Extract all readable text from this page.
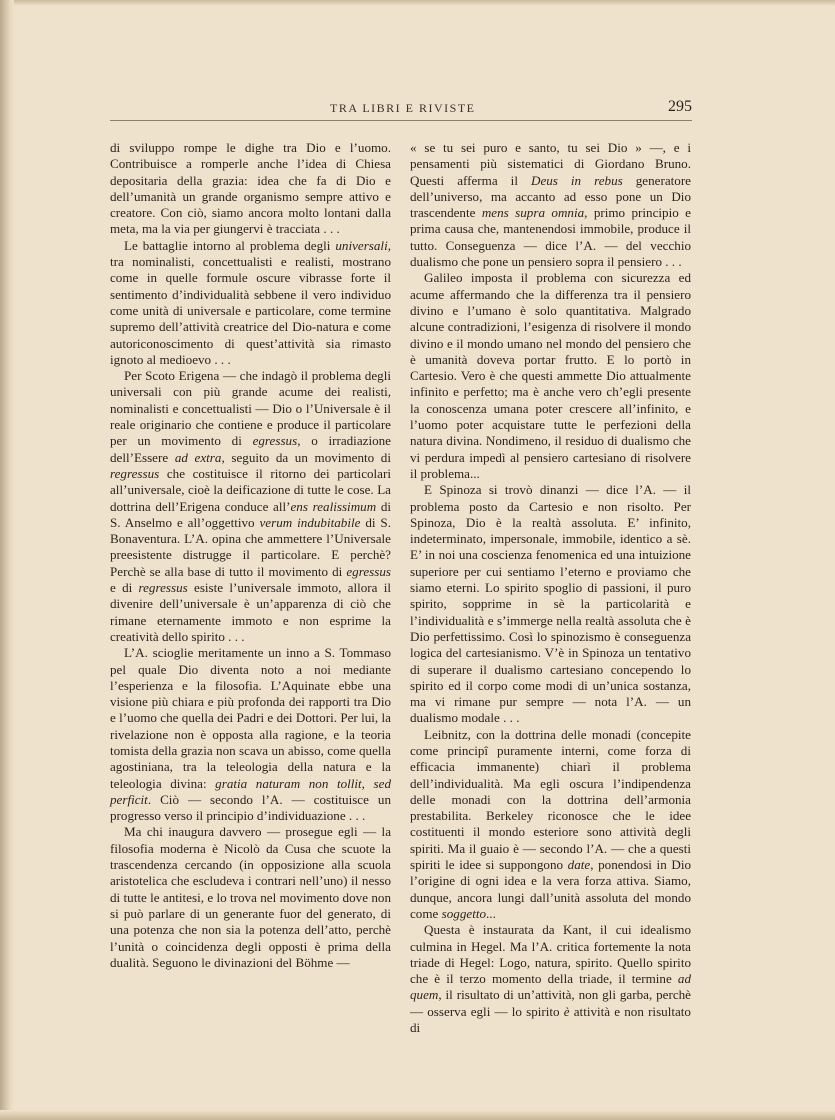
TRA LIBRI E RIVISTE	295

di sviluppo rompe le dighe tra Dio e l’uomo. Contribuisce a romperle anche l’idea di Chiesa depositaria della grazia: idea che fa di Dio e dell’umanità un grande organismo sempre attivo e creatore. Con ciò, siamo ancora molto lontani dalla meta, ma la via per giungervi è tracciata . . .

Le battaglie intorno al problema degli universali, tra nominalisti, concettualisti e realisti, mostrano come in quelle formule oscure vibrasse forte il sentimento d’individualità sebbene il vero individuo come unità di universale e particolare, come termine supremo dell’attività creatrice del Dio-natura e come autoriconoscimento di quest’attività sia rimasto ignoto al medioevo . . .

Per Scoto Erigena — che indagò il problema degli universali con più grande acume dei realisti, nominalisti e concettualisti — Dio o l’Universale è il reale originario che contiene e produce il particolare per un movimento di egressus, o irradiazione dell’Essere ad extra, seguito da un movimento di regressus che costituisce il ritorno dei particolari all’universale, cioè la deificazione di tutte le cose. La dottrina dell’Erigena conduce all’ens realissimum di S. Anselmo e all’oggettivo verum indubitabile di S. Bonaventura. L’A. opina che ammettere l’Universale preesistente distrugge il particolare. E perchè? Perchè se alla base di tutto il movimento di egressus e di regressus esiste l’universale immoto, allora il divenire dell’universale è un’apparenza di ciò che rimane eternamente immoto e non esprime la creatività dello spirito . . .

L’A. scioglie meritamente un inno a S. Tommaso pel quale Dio diventa noto a noi mediante l’esperienza e la filosofia. L’Aquinate ebbe una visione più chiara e più profonda dei rapporti tra Dio e l’uomo che quella dei Padri e dei Dottori. Per lui, la rivelazione non è opposta alla ragione, e la teoria tomista della grazia non scava un abisso, come quella agostiniana, tra la teleologia della natura e la teleologia divina: gratia naturam non tollit, sed perficit. Ciò — secondo l’A. — costituisce un progresso verso il principio d’individuazione . . .

Ma chi inaugura davvero — prosegue egli — la filosofia moderna è Nicolò da Cusa che scuote la trascendenza cercando (in opposizione alla scuola aristotelica che escludeva i contrari nell’uno) il nesso di tutte le antitesi, e lo trova nel movimento dove non si può parlare di un generante fuor del generato, di una potenza che non sia la potenza dell’atto, perchè l’unità o coincidenza degli opposti è prima della dualità. Seguono le divinazioni del Böhme —

« se tu sei puro e santo, tu sei Dio » —, e i pensamenti più sistematici di Giordano Bruno. Questi afferma il Deus in rebus generatore dell’universo, ma accanto ad esso pone un Dio trascendente mens supra omnia, primo principio e prima causa che, mantenendosi immobile, produce il tutto. Conseguenza — dice l’A. — del vecchio dualismo che pone un pensiero sopra il pensiero . . .

Galileo imposta il problema con sicurezza ed acume affermando che la differenza tra il pensiero divino e l’umano è solo quantitativa. Malgrado alcune contradizioni, l’esigenza di risolvere il mondo divino e il mondo umano nel mondo del pensiero che è umanità doveva portar frutto. E lo portò in Cartesio. Vero è che questi ammette Dio attualmente infinito e perfetto; ma è anche vero ch’egli presente la conoscenza umana poter crescere all’infinito, e l’uomo poter acquistare tutte le perfezioni della natura divina. Nondimeno, il residuo di dualismo che vi perdura impedì al pensiero cartesiano di risolvere il problema...

E Spinoza si trovò dinanzi — dice l’A. — il problema posto da Cartesio e non risolto. Per Spinoza, Dio è la realtà assoluta. E’ infinito, indeterminato, impersonale, immobile, identico a sè. E’ in noi una coscienza fenomenica ed una intuizione superiore per cui sentiamo l’eterno e proviamo che siamo eterni. Lo spirito spoglio di passioni, il puro spirito, sopprime in sè la particolarità e l’individualità e s’immerge nella realtà assoluta che è Dio perfettissimo. Così lo spinozismo è conseguenza logica del cartesianismo. V’è in Spinoza un tentativo di superare il dualismo cartesiano concependo lo spirito ed il corpo come modi di un’unica sostanza, ma vi rimane pur sempre — nota l’A. — un dualismo modale . . .

Leibnitz, con la dottrina delle monadi (concepite come principî puramente interni, come forza di efficacia immanente) chiarì il problema dell’individualità. Ma egli oscura l’indipendenza delle monadi con la dottrina dell’armonia prestabilita. Berkeley riconosce che le idee costituenti il mondo esteriore sono attività degli spiriti. Ma il guaio è — secondo l’A. — che a questi spiriti le idee si suppongono date, ponendosi in Dio l’origine di ogni idea e la vera forza attiva. Siamo, dunque, ancora lungi dall’unità assoluta del mondo come soggetto...

Questa è instaurata da Kant, il cui idealismo culmina in Hegel. Ma l’A. critica fortemente la nota triade di Hegel: Logo, natura, spirito. Quello spirito che è il terzo momento della triade, il termine ad quem, il risultato di un’attività, non gli garba, perchè — osserva egli — lo spirito è attività e non risultato di
